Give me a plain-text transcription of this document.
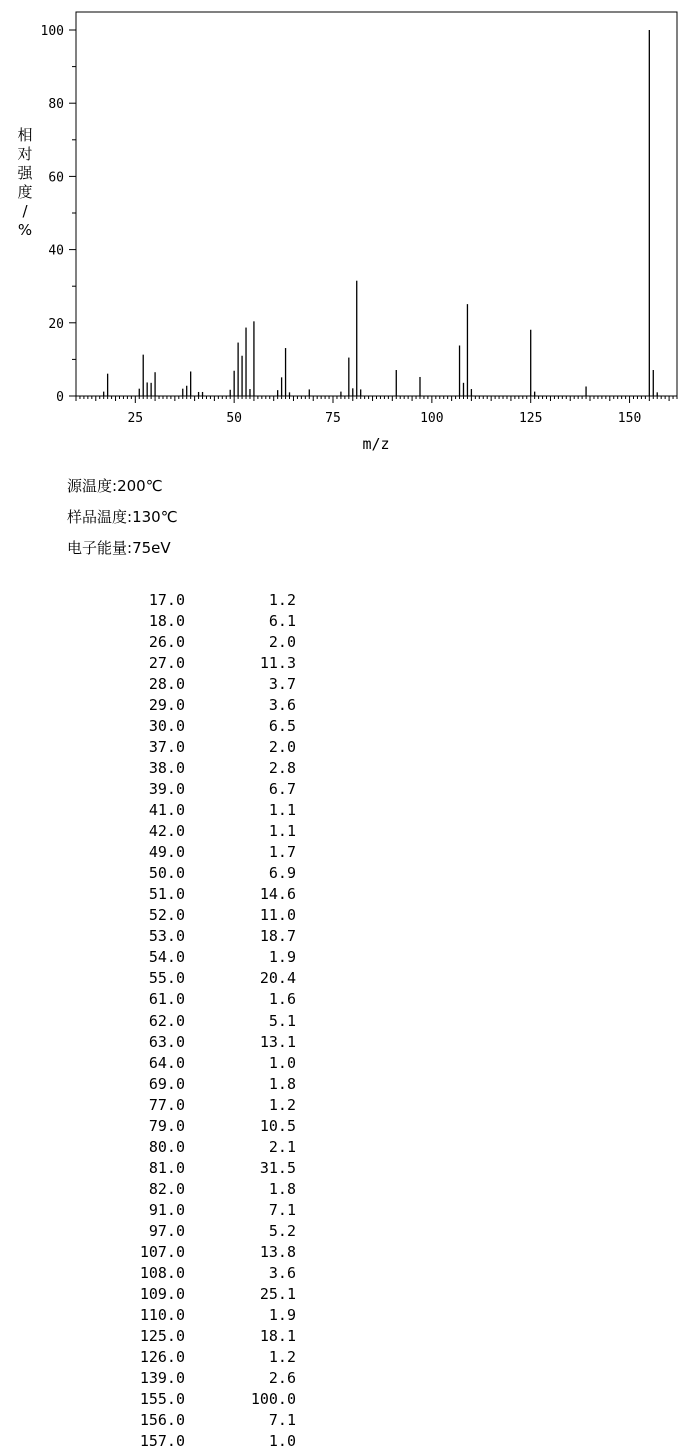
25	50	75	100	125	150
0
20
40
60
80
100
m/z
相对强度/ %
源温度:200℃
样品温度:130℃
电子能量:75eV
17.0	1.2
18.0	6.1
26.0	2.0
27.0	11.3
28.0	3.7
29.0	3.6
30.0	6.5
37.0	2.0
38.0	2.8
39.0	6.7
41.0	1.1
42.0	1.1
49.0	1.7
50.0	6.9
51.0	14.6
52.0	11.0
53.0	18.7
54.0	1.9
55.0	20.4
61.0	1.6
62.0	5.1
63.0	13.1
64.0	1.0
69.0	1.8
77.0	1.2
79.0	10.5
80.0	2.1
81.0	31.5
82.0	1.8
91.0	7.1
97.0	5.2
107.0	13.8
108.0	3.6
109.0	25.1
110.0	1.9
125.0	18.1
126.0	1.2
139.0	2.6
155.0	100.0
156.0	7.1
157.0	1.0
